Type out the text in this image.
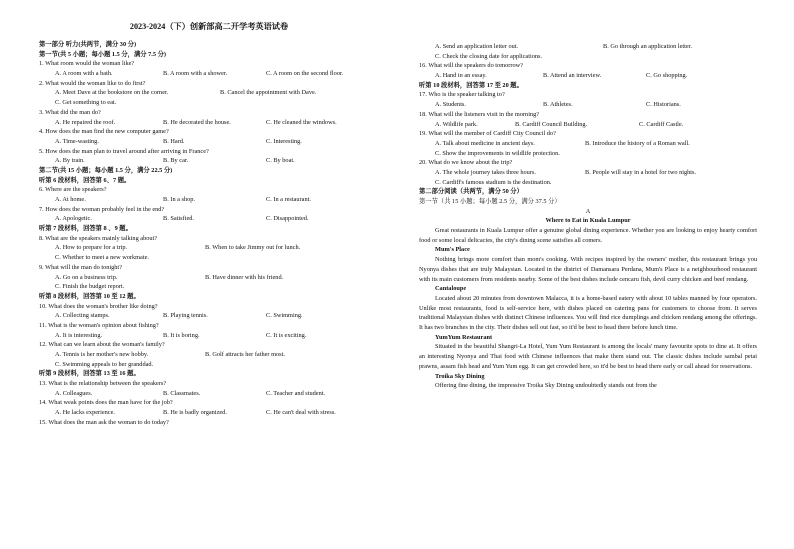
2023-2024（下）创新部高二开学考英语试卷
第一部分 听力(共两节，满分 30 分)
第一节(共 5 小题；每小题 1.5 分，满分 7.5 分)
1. What room would the woman like?
A. A room with a bath.	B. A room with a shower.	C. A room on the second floor.
2. What would the woman like to do first?
A. Meet Dave at the bookstore on the corner.	B. Cancel the appointment with Dave.
C. Get something to eat.
3. What did the man do?
A. He repaired the roof.	B. He decorated the house.	C. He cleaned the windows.
4. How does the man find the new computer game?
A. Time-wasting.	B. Hard.	C. Interesting.
5. How does the man plan to travel around after arriving in France?
A. By train.	B. By car.	C. By boat.
第二节(共 15 小题；每小题 1.5 分，满分 22.5 分)
听第 6 段材料，回答第 6、7 题。
6. Where are the speakers?
A. At home.	B. In a shop.	C. In a restaurant.
7. How does the woman probably feel in the end?
A. Apologetic.	B. Satisfied.	C. Disappointed.
听第 7 段材料，回答第 8 、9 题。
8. What are the speakers mainly talking about?
A. How to prepare for a trip.	B. When to take Jimmy out for lunch.
C. Whether to meet a new workmate.
9. What will the man do tonight?
A. Go on a business trip.	B. Have dinner with his friend.
C. Finish the budget report.
听第 8 段材料，回答第 10 至 12 题。
10. What does the woman's brother like doing?
A. Collecting stamps.	B. Playing tennis.	C. Swimming.
11. What is the woman's opinion about fishing?
A. It is interesting.	B. It is boring.	C. It is exciting.
12. What can we learn about the woman's family?
A. Tennis is her mother's new hobby.	B. Golf attracts her father most.
C. Swimming appeals to her granddad.
听第 9 段材料，回答第 13 至 16 题。
13. What is the relationship between the speakers?
A. Colleagues.	B. Classmates.	C. Teacher and student.
14. What weak points does the man have for the job?
A. He lacks experience.	B. He is badly organized.	C. He can't deal with stress.
15. What does the man ask the woman to do today?
A. Send an application letter out.	B. Go through an application letter.
C. Check the closing date for applications.
16. What will the speakers do tomorrow?
A. Hand in an essay.	B. Attend an interview.	C. Go shopping.
听第 10 段材料，回答第 17 至 20 题。
17. Who is the speaker talking to?
A. Students.	B. Athletes.	C. Historians.
18. What will the listeners visit in the morning?
A. Wildlife park.	B. Cardiff Council Building.	C. Cardiff Castle.
19. What will the member of Cardiff City Council do?
A. Talk about medicine in ancient days.	B. Introduce the history of a Roman wall.
C. Show the improvements in wildlife protection.
20. What do we know about the trip?
A. The whole journey takes three hours.	B. People will stay in a hotel for two nights.
C. Cardiff's famous stadium is the destination.
第二部分阅读（共两节，满分 50 分）
第一节（共 15 小题；每小题 2.5 分，满分 37.5 分）
A
Where to Eat in Kuala Lumpur
Great restaurants in Kuala Lumpur offer a genuine global dining experience. Whether you are looking to enjoy hearty comfort food or some local delicacies, the city's dining scene satisfies all comers.
Mum's Place
Nothing brings more comfort than mom's cooking. With recipes inspired by the owners' mother, this restaurant brings you Nyonya dishes that are truly Malaysian. Located in the district of Damansara Perdana, Mum's Place is a neighbourhood restaurant with its main customers from residents nearby. Some of the best dishes include cencaru fish, devil curry chicken and beef rendang.
Cantaloupe
Located about 20 minutes from downtown Malacca, it is a home-based eatery with about 10 tables manned by four operators. Unlike most restaurants, food is self-service here, with dishes placed on catering pans for customers to choose from. It serves traditional Malaysian dishes with distinct Chinese influences. You will find rice dumplings and chicken rendang among the offerings. It has two branches in the city. Their dishes sell out fast, so it'd be best to head there before lunch time.
YumYum Restaurant
Situated in the beautiful Shangri-La Hotel, Yum Yum Restaurant is among the locals' many favourite spots to dine at. It offers an interesting Nyonya and Thai food with Chinese influences that make them stand out. The classic dishes include sambal petai prawns, assam fish head and Yum Yum egg. It can get crowded here, so it'd be best to head there early or call ahead for reservations.
Troika Sky Dining
Offering fine dining, the impressive Troika Sky Dining undoubtedly stands out from the
